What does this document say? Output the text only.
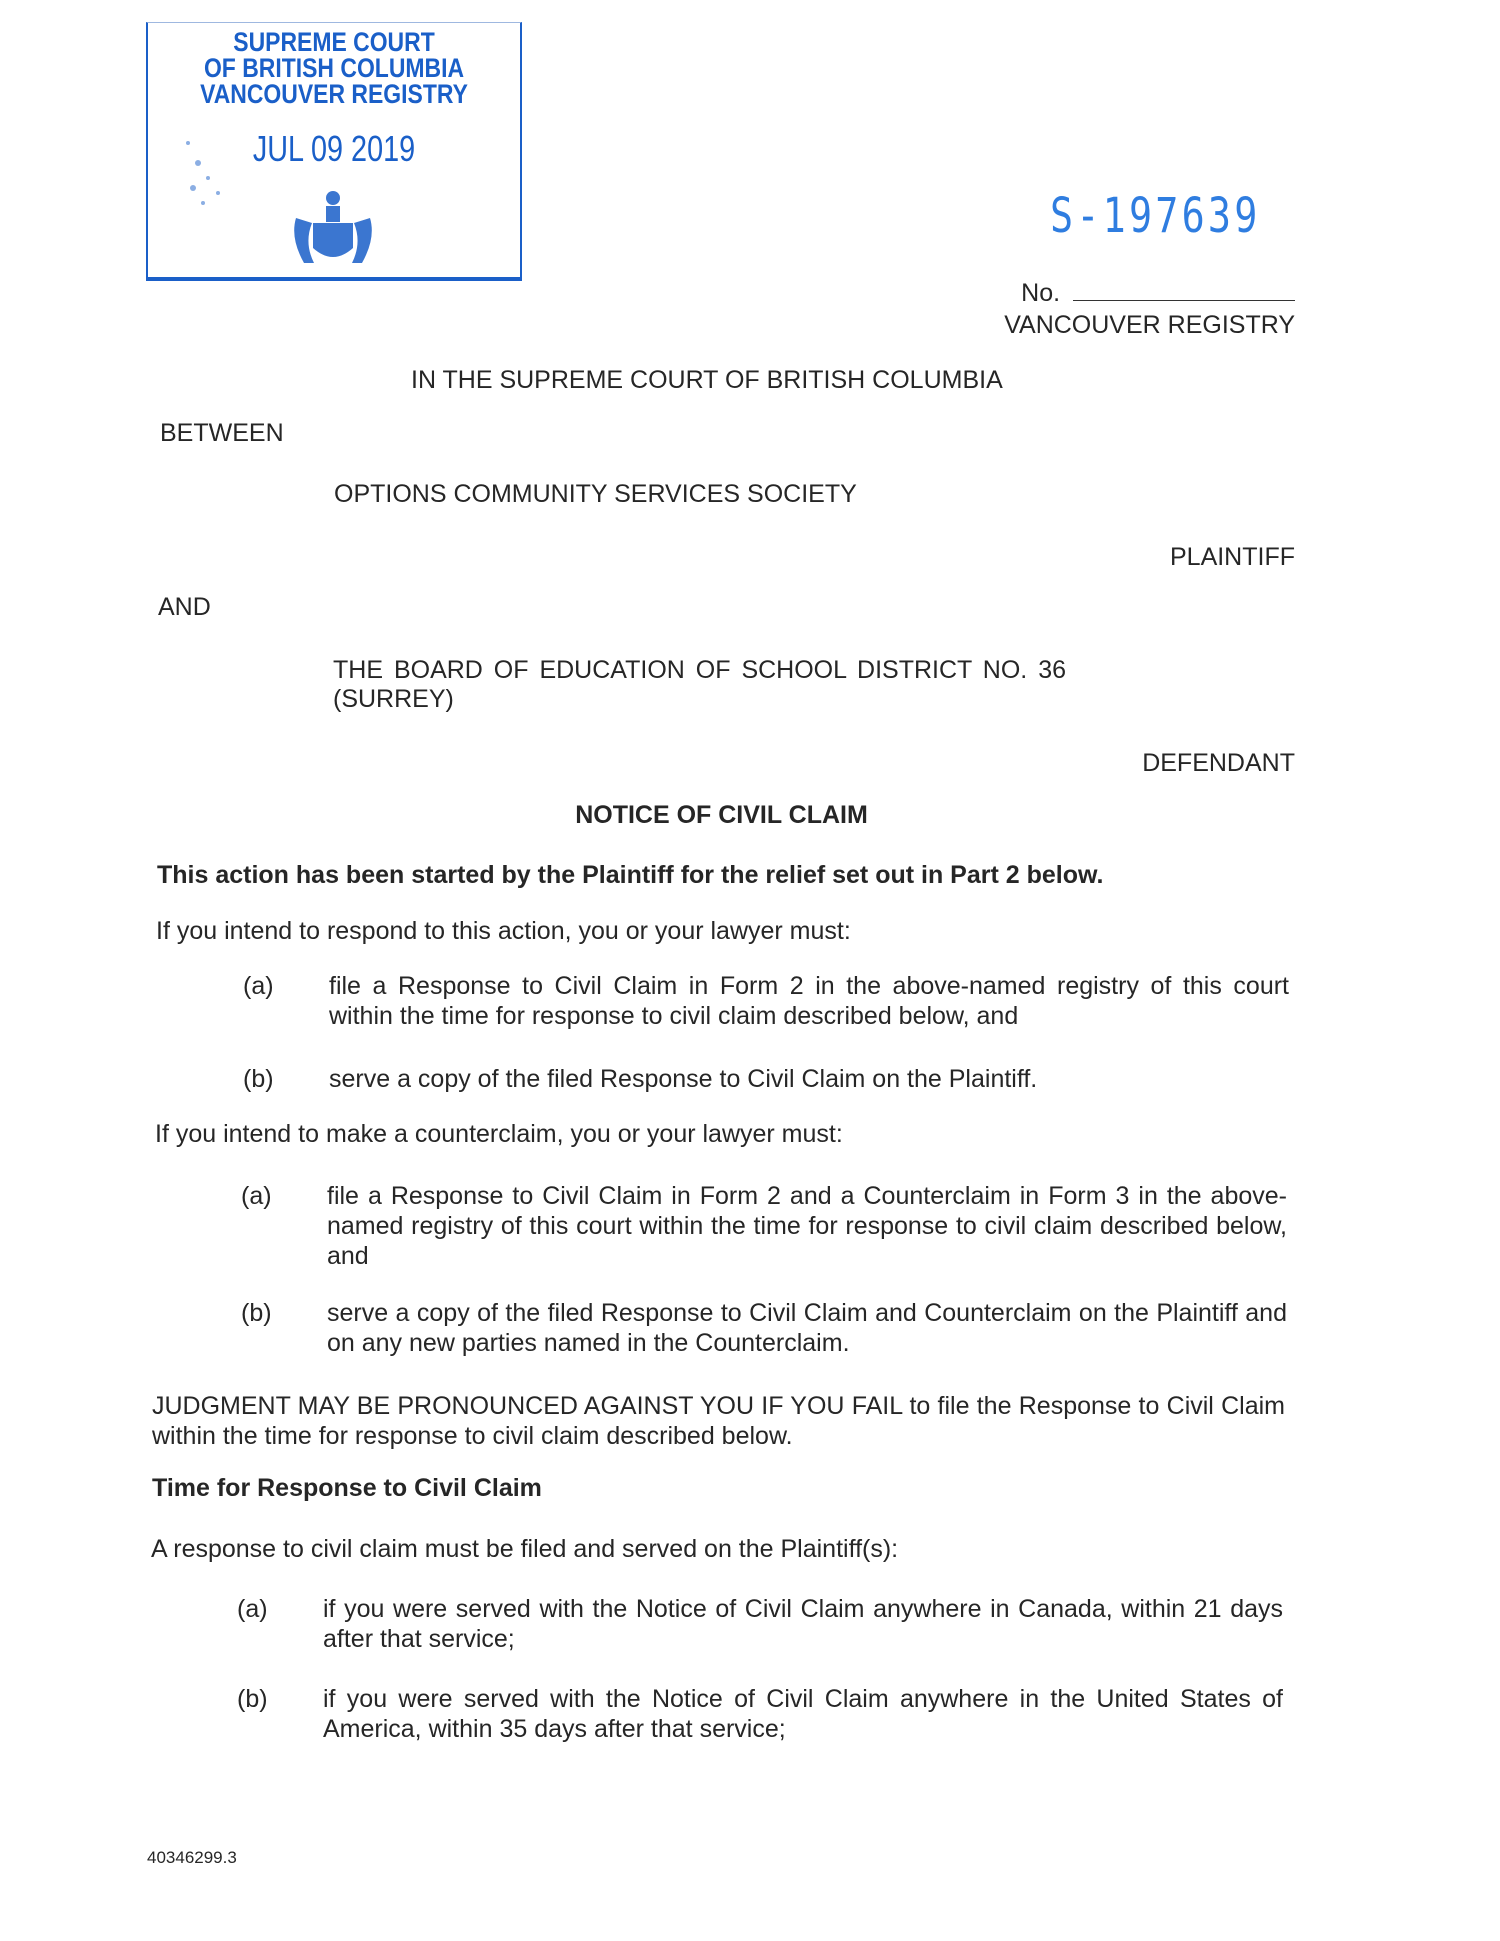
SUPREME COURT
OF BRITISH COLUMBIA
VANCOUVER REGISTRY
JUL 09 2019
S-197639
No.
VANCOUVER REGISTRY
IN THE SUPREME COURT OF BRITISH COLUMBIA
BETWEEN
OPTIONS COMMUNITY SERVICES SOCIETY
PLAINTIFF
AND
THE BOARD OF EDUCATION OF SCHOOL DISTRICT NO. 36
(SURREY)
DEFENDANT
NOTICE OF CIVIL CLAIM
This action has been started by the Plaintiff for the relief set out in Part 2 below.
If you intend to respond to this action, you or your lawyer must:
(a) file a Response to Civil Claim in Form 2 in the above-named registry of this court within the time for response to civil claim described below, and
(b) serve a copy of the filed Response to Civil Claim on the Plaintiff.
If you intend to make a counterclaim, you or your lawyer must:
(a) file a Response to Civil Claim in Form 2 and a Counterclaim in Form 3 in the above-named registry of this court within the time for response to civil claim described below, and
(b) serve a copy of the filed Response to Civil Claim and Counterclaim on the Plaintiff and on any new parties named in the Counterclaim.
JUDGMENT MAY BE PRONOUNCED AGAINST YOU IF YOU FAIL to file the Response to Civil Claim within the time for response to civil claim described below.
Time for Response to Civil Claim
A response to civil claim must be filed and served on the Plaintiff(s):
(a) if you were served with the Notice of Civil Claim anywhere in Canada, within 21 days after that service;
(b) if you were served with the Notice of Civil Claim anywhere in the United States of America, within 35 days after that service;
40346299.3
